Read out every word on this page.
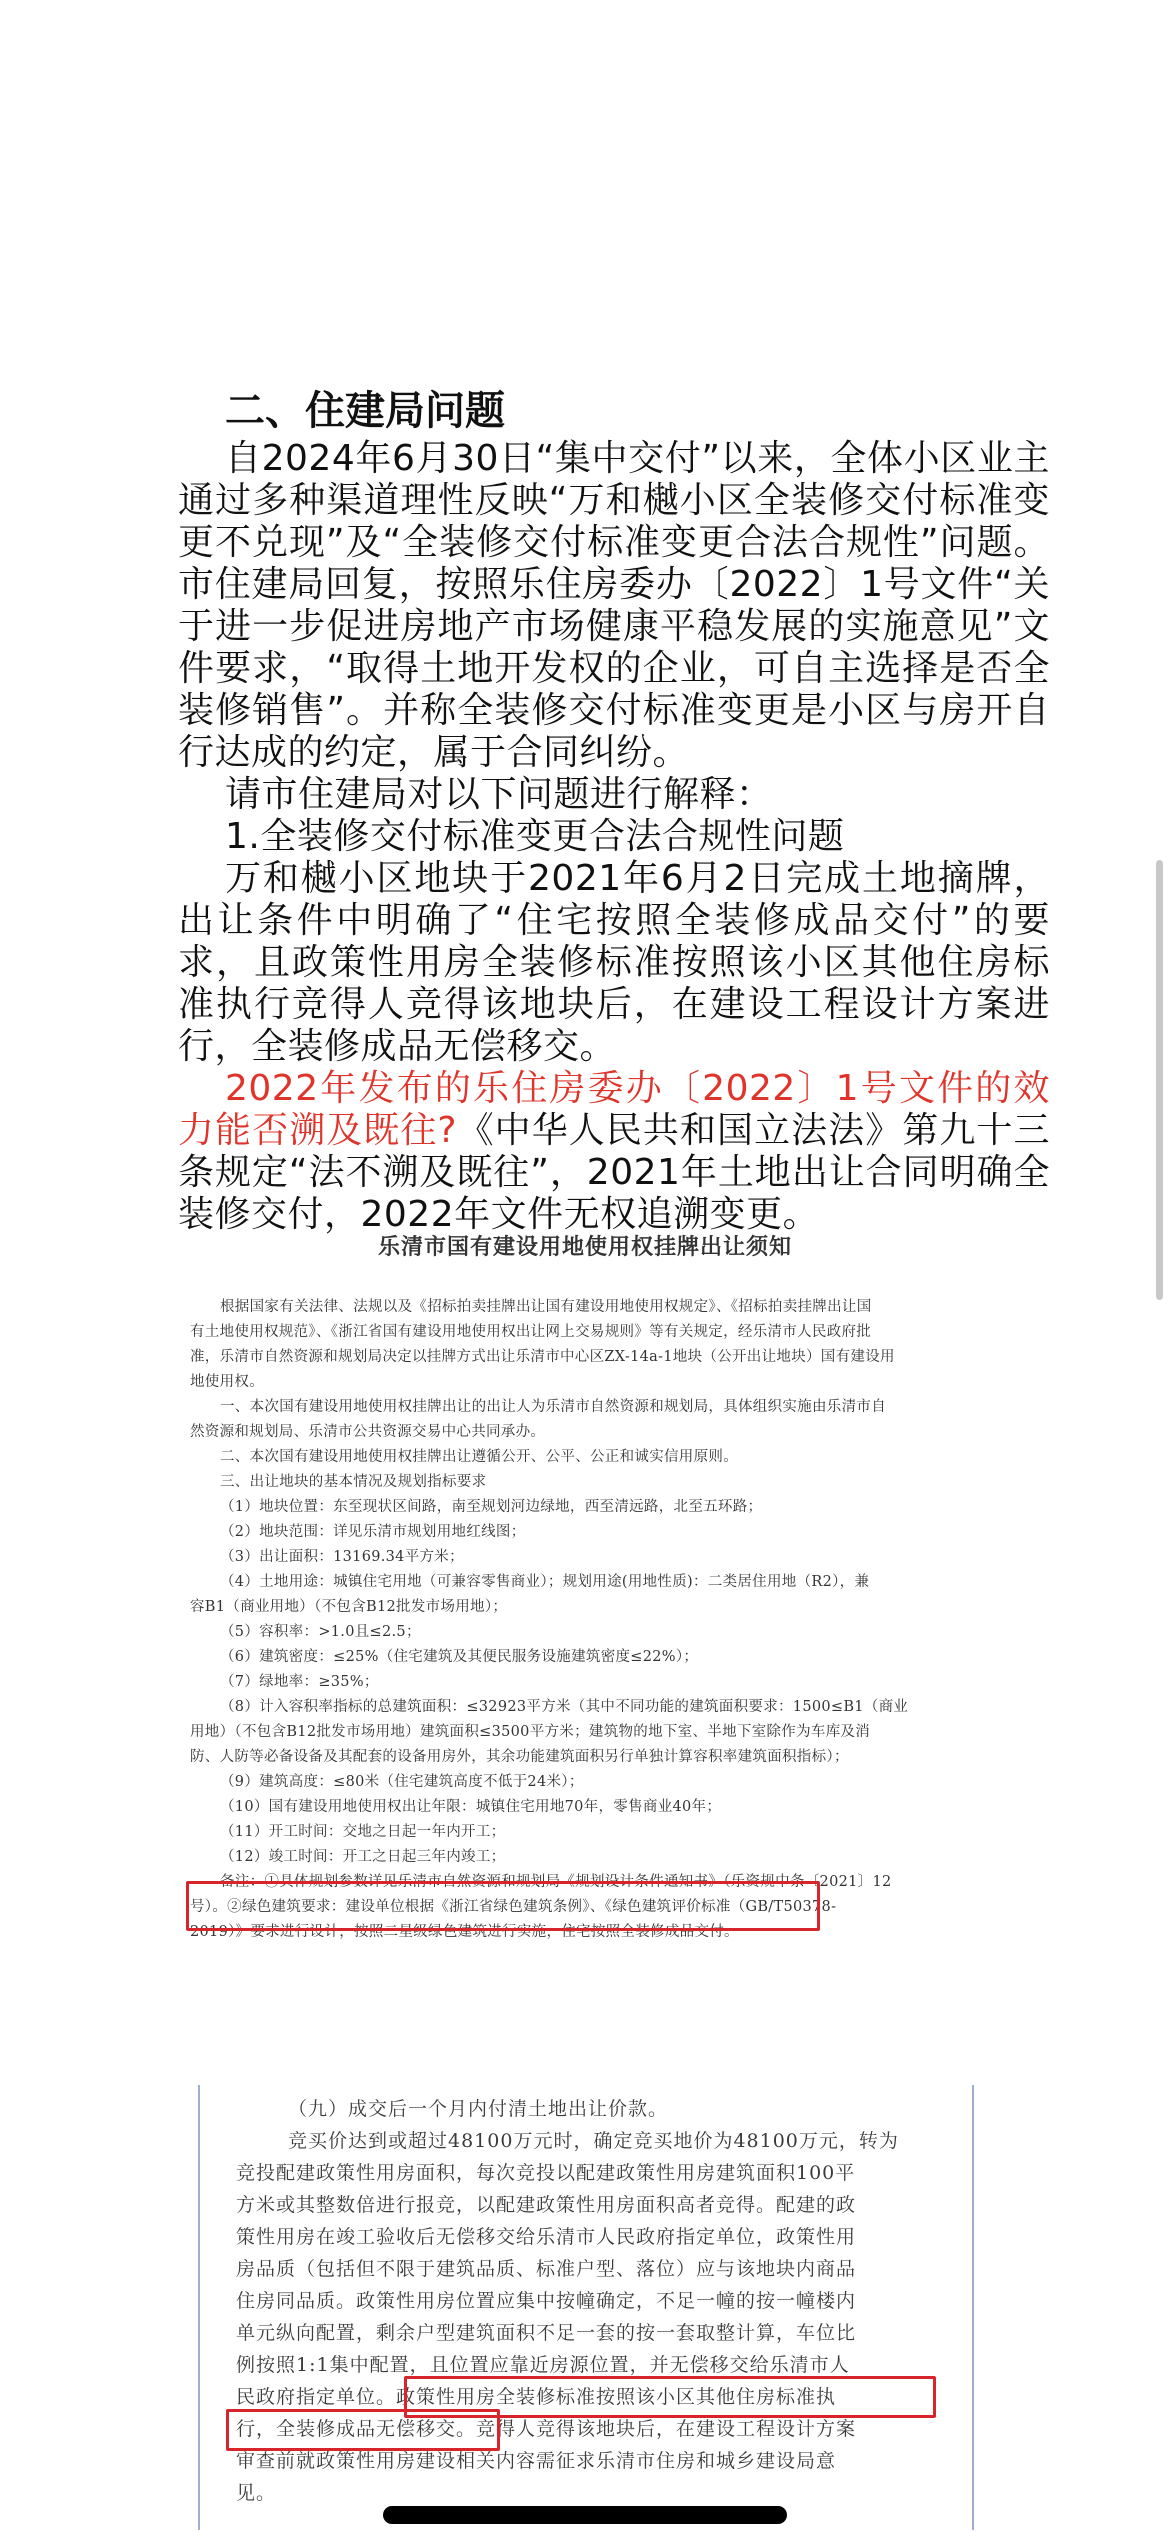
二、住建局问题

自2024年6月30日“集中交付”以来，全体小区业主通过多种渠道理性反映“万和樾小区全装修交付标准变更不兑现”及“全装修交付标准变更合法合规性”问题。市住建局回复，按照乐住房委办〔2022〕1号文件“关于进一步促进房地产市场健康平稳发展的实施意见”文件要求，“取得土地开发权的企业，可自主选择是否全装修销售”。并称全装修交付标准变更是小区与房开自行达成的约定，属于合同纠纷。

请市住建局对以下问题进行解释：

1.全装修交付标准变更合法合规性问题

万和樾小区地块于2021年6月2日完成土地摘牌，出让条件中明确了“住宅按照全装修成品交付”的要求，且政策性用房全装修标准按照该小区其他住房标准执行竞得人竞得该地块后，在建设工程设计方案进行，全装修成品无偿移交。

2022年发布的乐住房委办〔2022〕1号文件的效力能否溯及既往?《中华人民共和国立法法》第九十三条规定“法不溯及既往”，2021年土地出让合同明确全装修交付，2022年文件无权追溯变更。

乐清市国有建设用地使用权挂牌出让须知
根据国家有关法律、法规以及《招标拍卖挂牌出让国有建设用地使用权规定》、《招标拍卖挂牌出让国
有土地使用权规范》、《浙江省国有建设用地使用权出让网上交易规则》等有关规定，经乐清市人民政府批
准，乐清市自然资源和规划局决定以挂牌方式出让乐清市中心区ZX-14a-1地块（公开出让地块）国有建设用
地使用权。
一、本次国有建设用地使用权挂牌出让的出让人为乐清市自然资源和规划局，具体组织实施由乐清市自
然资源和规划局、乐清市公共资源交易中心共同承办。
二、本次国有建设用地使用权挂牌出让遵循公开、公平、公正和诚实信用原则。
三、出让地块的基本情况及规划指标要求
（1）地块位置：东至现状区间路，南至规划河边绿地，西至清远路，北至五环路；
（2）地块范围：详见乐清市规划用地红线图；
（3）出让面积：13169.34平方米；
（4）土地用途：城镇住宅用地（可兼容零售商业）；规划用途(用地性质)：二类居住用地（R2），兼
容B1（商业用地）（不包含B12批发市场用地）；
（5）容积率：>1.0且≤2.5；
（6）建筑密度：≤25%（住宅建筑及其便民服务设施建筑密度≤22%）；
（7）绿地率：≥35%；
（8）计入容积率指标的总建筑面积：≤32923平方米（其中不同功能的建筑面积要求：1500≤B1（商业
用地）（不包含B12批发市场用地）建筑面积≤3500平方米；建筑物的地下室、半地下室除作为车库及消
防、人防等必备设备及其配套的设备用房外，其余功能建筑面积另行单独计算容积率建筑面积指标）；
（9）建筑高度：≤80米（住宅建筑高度不低于24米）；
（10）国有建设用地使用权出让年限：城镇住宅用地70年，零售商业40年；
（11）开工时间：交地之日起一年内开工；
（12）竣工时间：开工之日起三年内竣工；
备注：①具体规划参数详见乐清市自然资源和规划局《规划设计条件通知书》（乐资规中条〔2021〕12
号）。②绿色建筑要求：建设单位根据《浙江省绿色建筑条例》、《绿色建筑评价标准（GB/T50378-
2019）》要求进行设计，按照二星级绿色建筑进行实施，住宅按照全装修成品交付。
（九）成交后一个月内付清土地出让价款。
竞买价达到或超过48100万元时，确定竞买地价为48100万元，转为
竞投配建政策性用房面积，每次竞投以配建政策性用房建筑面积100平
方米或其整数倍进行报竞，以配建政策性用房面积高者竞得。配建的政
策性用房在竣工验收后无偿移交给乐清市人民政府指定单位，政策性用
房品质（包括但不限于建筑品质、标准户型、落位）应与该地块内商品
住房同品质。政策性用房位置应集中按幢确定，不足一幢的按一幢楼内
单元纵向配置，剩余户型建筑面积不足一套的按一套取整计算，车位比
例按照1:1集中配置，且位置应靠近房源位置，并无偿移交给乐清市人
民政府指定单位。政策性用房全装修标准按照该小区其他住房标准执
行，全装修成品无偿移交。竞得人竞得该地块后，在建设工程设计方案
审查前就政策性用房建设相关内容需征求乐清市住房和城乡建设局意
见。
